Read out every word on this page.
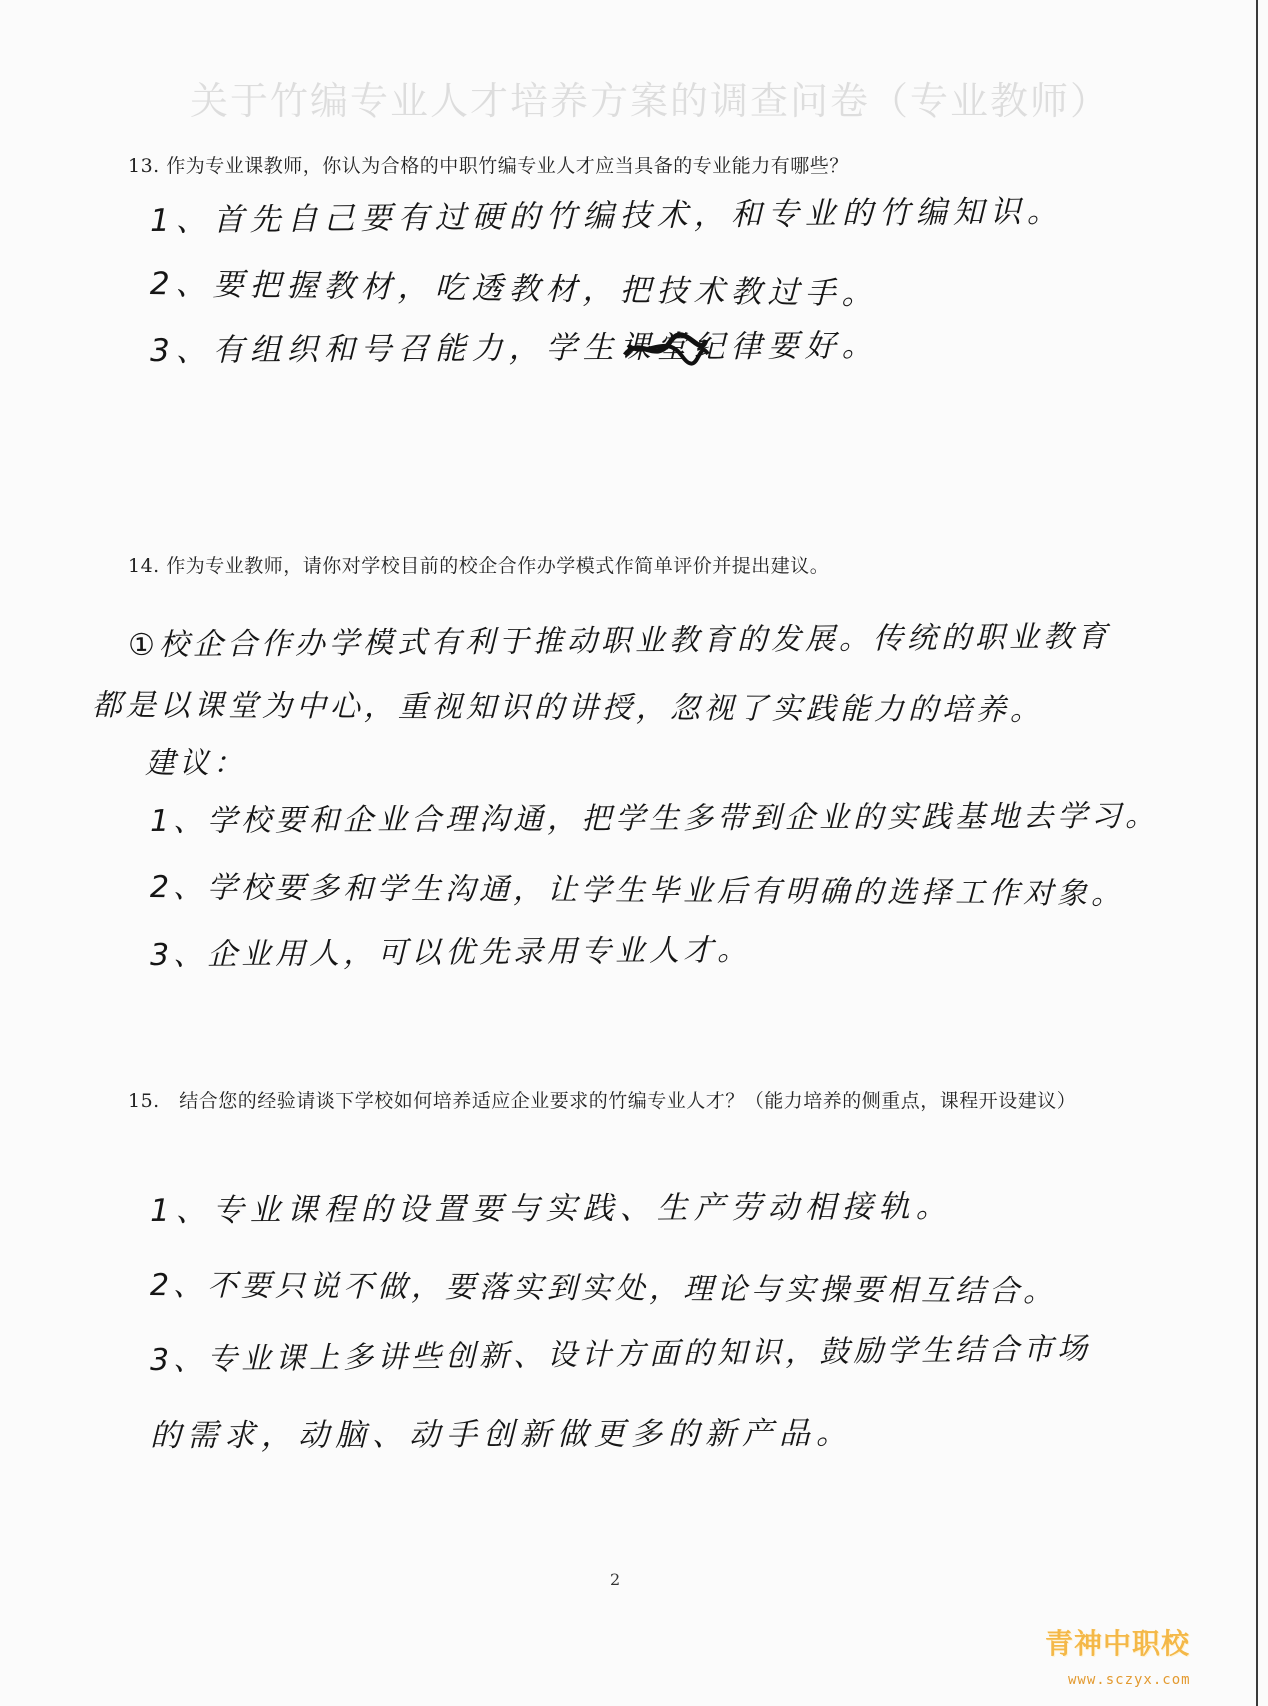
关于竹编专业人才培养方案的调查问卷（专业教师）
13. 作为专业课教师，你认为合格的中职竹编专业人才应当具备的专业能力有哪些？
1、首先自己要有过硬的竹编技术，和专业的竹编知识。
2、要把握教材，吃透教材，把技术教过手。
3、有组织和号召能力，学生课堂纪律要好。
14. 作为专业教师，请你对学校目前的校企合作办学模式作简单评价并提出建议。
①校企合作办学模式有利于推动职业教育的发展。传统的职业教育
都是以课堂为中心，重视知识的讲授，忽视了实践能力的培养。
建议：
1、学校要和企业合理沟通，把学生多带到企业的实践基地去学习。
2、学校要多和学生沟通，让学生毕业后有明确的选择工作对象。
3、企业用人，可以优先录用专业人才。
15.　结合您的经验请谈下学校如何培养适应企业要求的竹编专业人才？（能力培养的侧重点，课程开设建议）
1、专业课程的设置要与实践、生产劳动相接轨。
2、不要只说不做，要落实到实处，理论与实操要相互结合。
3、专业课上多讲些创新、设计方面的知识，鼓励学生结合市场
的需求，动脑、动手创新做更多的新产品。
2
青神中职校
www.sczyx.com
